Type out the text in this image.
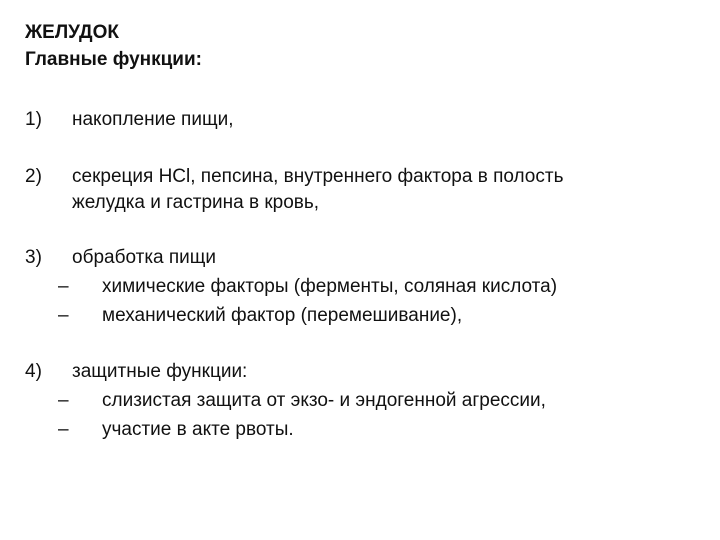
ЖЕЛУДОК
Главные функции:
1) накопление пищи,
2) секреция HCl, пепсина, внутреннего фактора в полость
желудка и гастрина в кровь,
3) обработка пищи
– химические факторы (ферменты, соляная кислота)
– механический фактор (перемешивание),
4) защитные функции:
– слизистая защита от экзо- и эндогенной агрессии,
– участие в акте рвоты.
